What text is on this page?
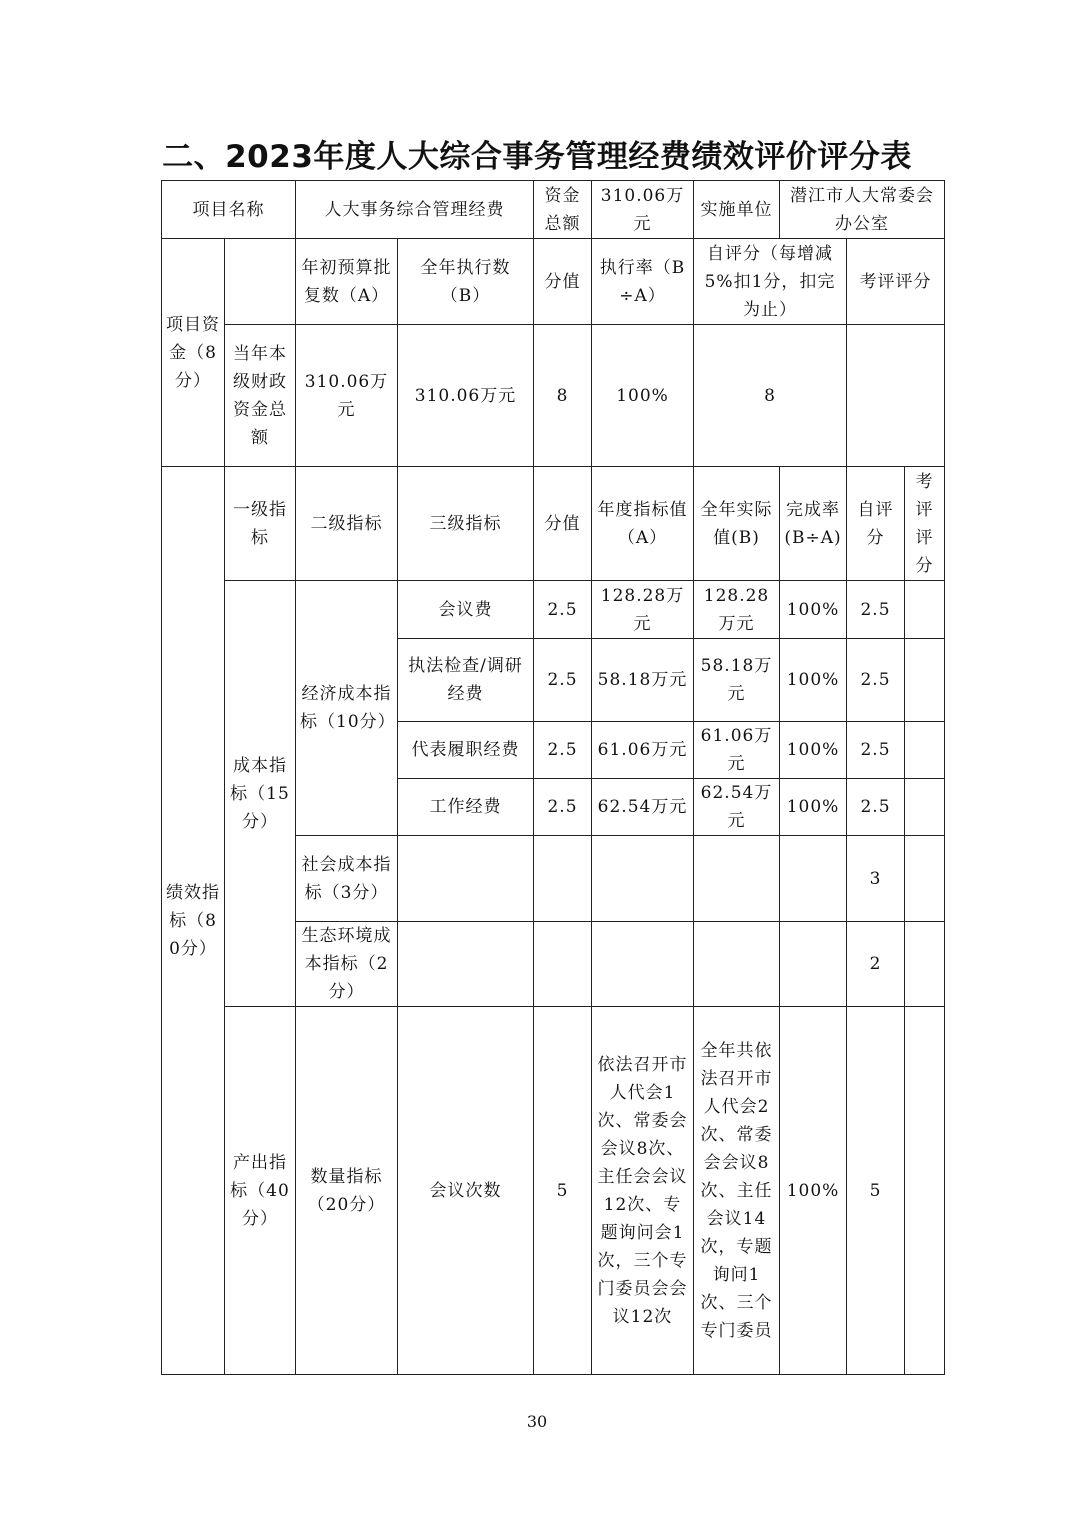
二、2023年度人大综合事务管理经费绩效评价评分表
项目名称		人大事务综合管理经费		资金总额	310.06万元	实施单位	潜江市人大常委会办公室		
项目资金（8分）		年初预算批复数（A）	全年执行数（B）	分值	执行率（B÷A）	自评分（每增减5%扣1分，扣完为止）		考评评分	
	当年本级财政资金总额	310.06万元	310.06万元	8	100%	8			
绩效指标（80分）	一级指标	二级指标	三级指标	分值	年度指标值（A）	全年实际值(B)	完成率(B÷A)	自评分	考评评分
	成本指标（15分）	经济成本指标（10分）	会议费	2.5	128.28万元	128.28万元	100%	2.5	
			执法检查/调研经费	2.5	58.18万元	58.18万元	100%	2.5	
			代表履职经费	2.5	61.06万元	61.06万元	100%	2.5	
			工作经费	2.5	62.54万元	62.54万元	100%	2.5	
		社会成本指标（3分）						3	
		生态环境成本指标（2分）						2	
	产出指标（40分）	数量指标（20分）	会议次数	5	依法召开市人代会1次、常委会会议8次、主任会会议12次、专题询问会1次，三个专门委员会会议12次	全年共依法召开市人代会2次、常委会会议8次、主任会议14次，专题询问1次、三个专门委员	100%	5	
30
